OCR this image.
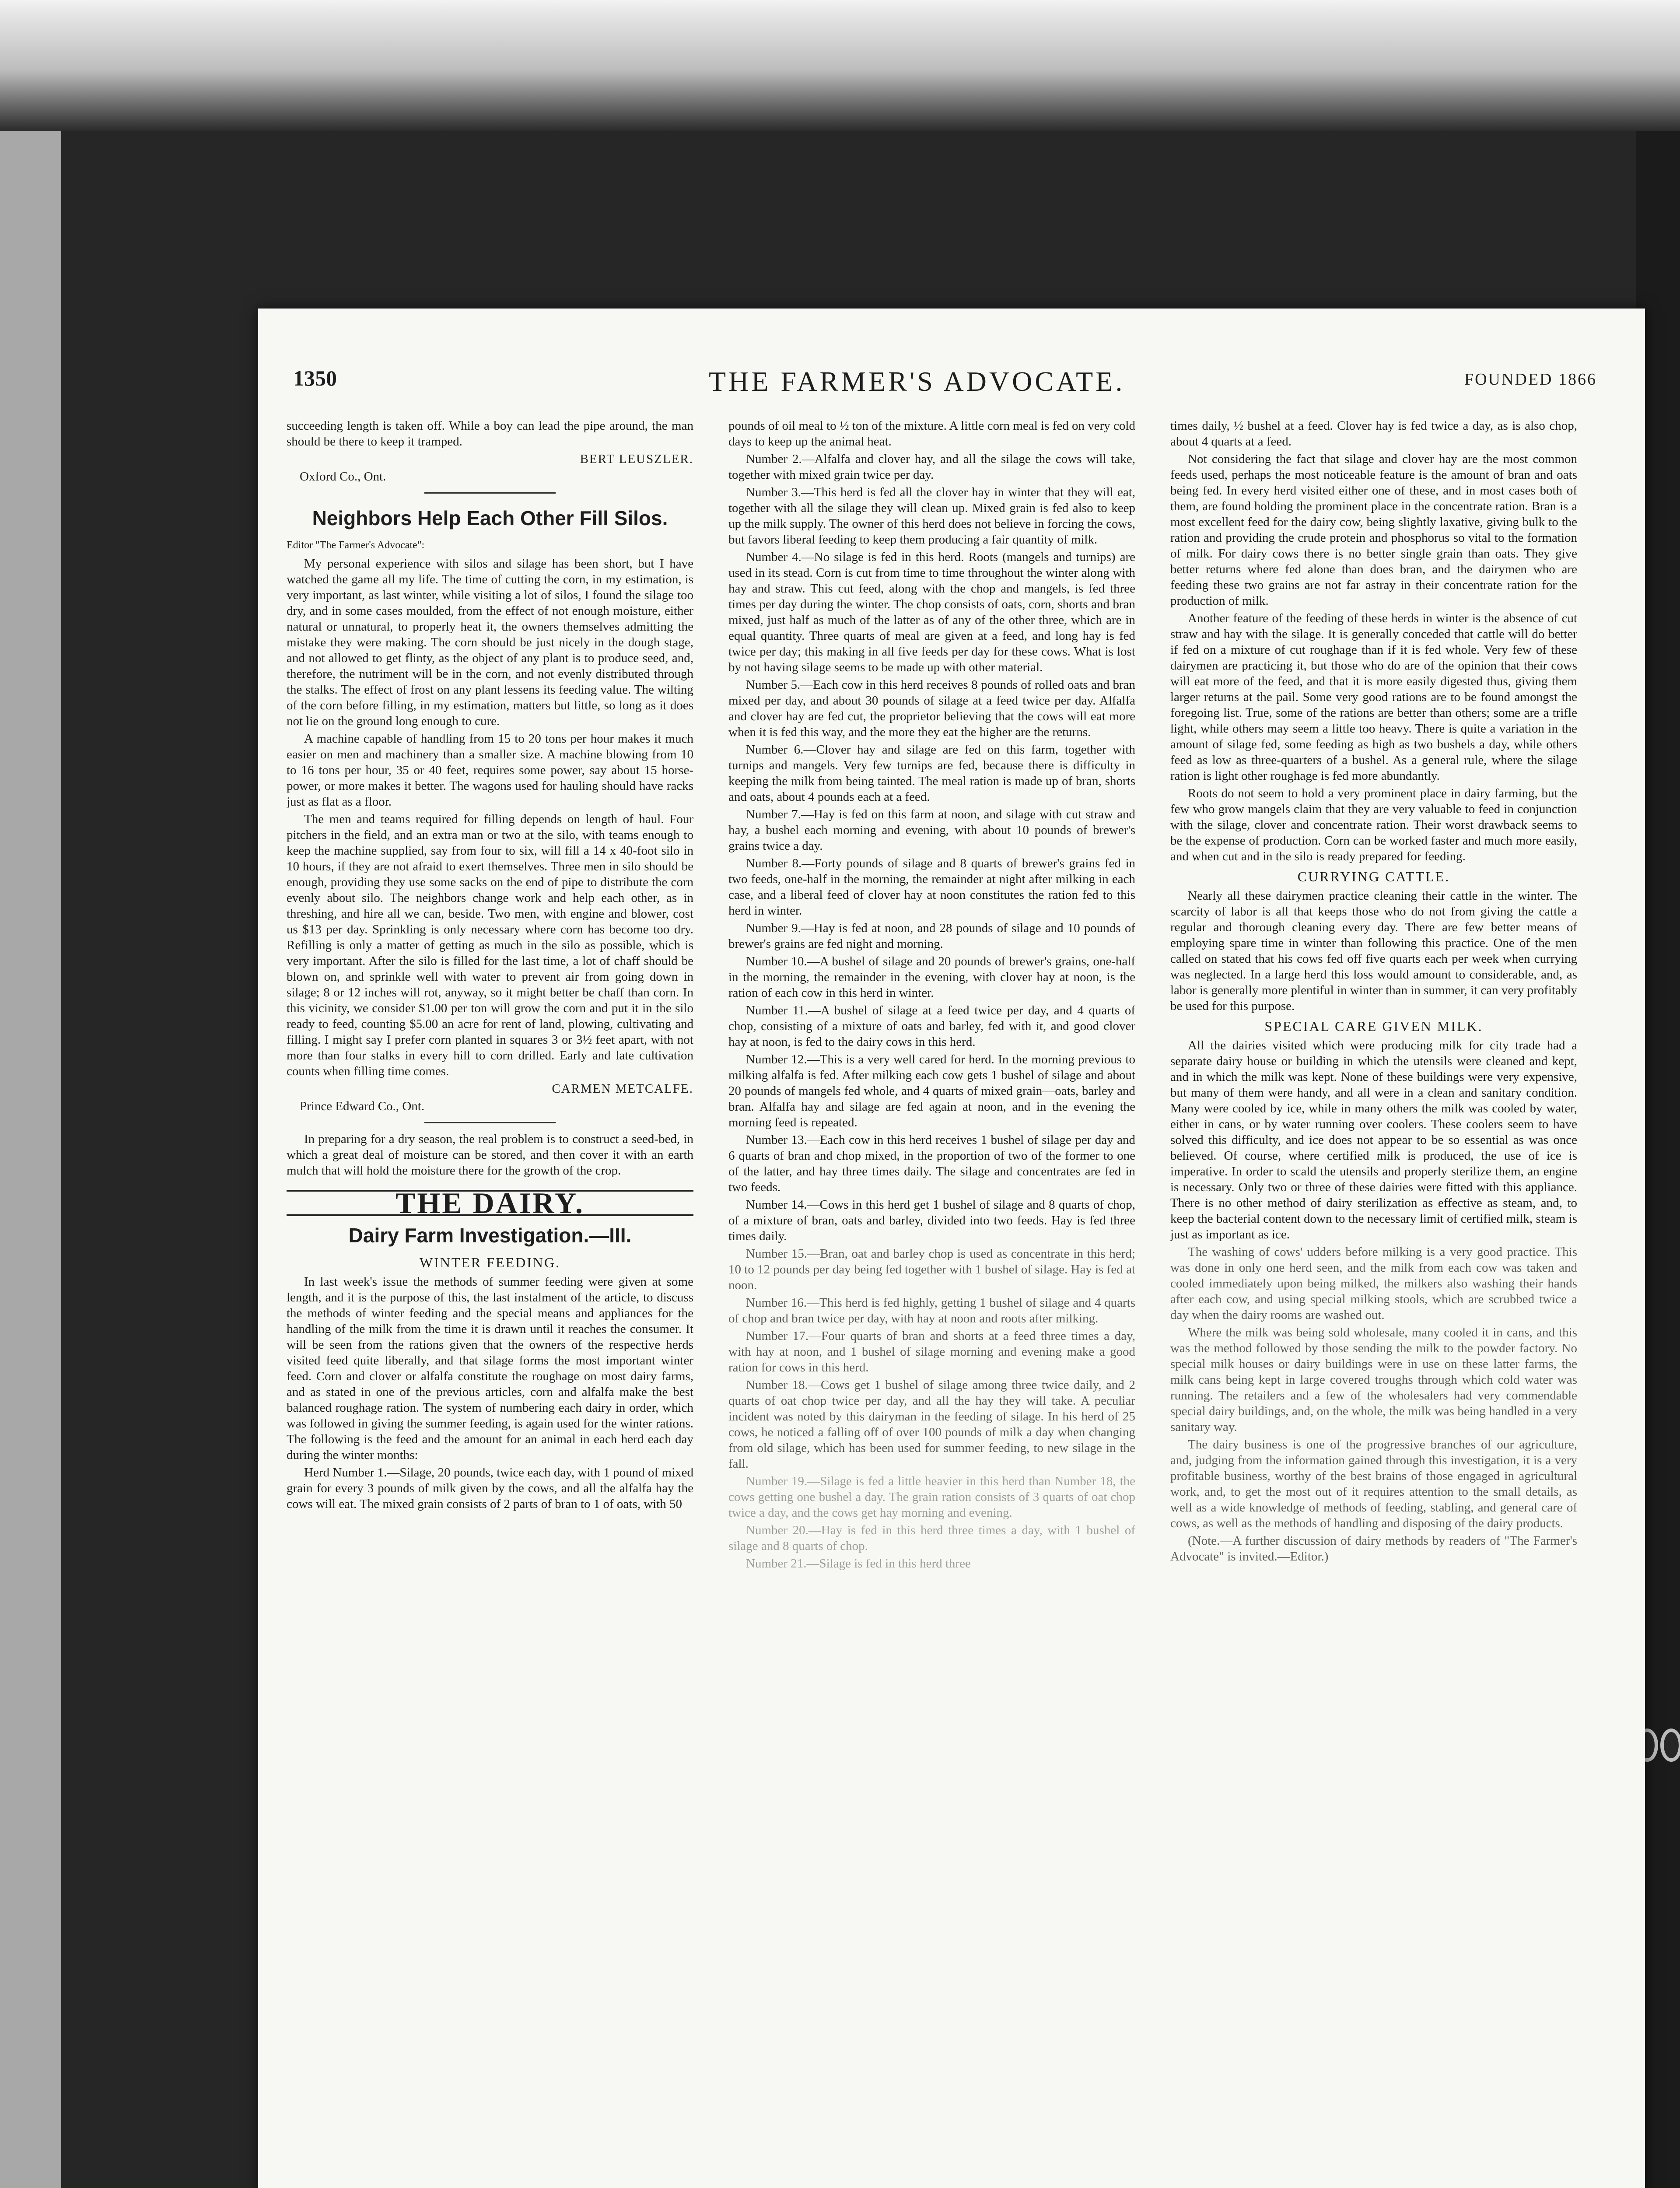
1350	THE FARMER'S ADVOCATE.	FOUNDED 1866

succeeding length is taken off. While a boy can lead the pipe around, the man should be there to keep it tramped.

BERT LEUSZLER.

Oxford Co., Ont.

Neighbors Help Each Other Fill Silos.
Editor "The Farmer's Advocate":

My personal experience with silos and silage has been short, but I have watched the game all my life. The time of cutting the corn, in my estimation, is very important, as last winter, while visiting a lot of silos, I found the silage too dry, and in some cases moulded, from the effect of not enough moisture, either natural or unnatural, to properly heat it, the owners themselves admitting the mistake they were making. The corn should be just nicely in the dough stage, and not allowed to get flinty, as the object of any plant is to produce seed, and, therefore, the nutriment will be in the corn, and not evenly distributed through the stalks. The effect of frost on any plant lessens its feeding value. The wilting of the corn before filling, in my estimation, matters but little, so long as it does not lie on the ground long enough to cure.

A machine capable of handling from 15 to 20 tons per hour makes it much easier on men and machinery than a smaller size. A machine blowing from 10 to 16 tons per hour, 35 or 40 feet, requires some power, say about 15 horse-power, or more makes it better. The wagons used for hauling should have racks just as flat as a floor.

The men and teams required for filling depends on length of haul. Four pitchers in the field, and an extra man or two at the silo, with teams enough to keep the machine supplied, say from four to six, will fill a 14 x 40-foot silo in 10 hours, if they are not afraid to exert themselves. Three men in silo should be enough, providing they use some sacks on the end of pipe to distribute the corn evenly about silo. The neighbors change work and help each other, as in threshing, and hire all we can, beside. Two men, with engine and blower, cost us $13 per day. Sprinkling is only necessary where corn has become too dry. Refilling is only a matter of getting as much in the silo as possible, which is very important. After the silo is filled for the last time, a lot of chaff should be blown on, and sprinkle well with water to prevent air from going down in silage; 8 or 12 inches will rot, anyway, so it might better be chaff than corn. In this vicinity, we consider $1.00 per ton will grow the corn and put it in the silo ready to feed, counting $5.00 an acre for rent of land, plowing, cultivating and filling. I might say I prefer corn planted in squares 3 or 3½ feet apart, with not more than four stalks in every hill to corn drilled. Early and late cultivation counts when filling time comes.

CARMEN METCALFE.

Prince Edward Co., Ont.

In preparing for a dry season, the real problem is to construct a seed-bed, in which a great deal of moisture can be stored, and then cover it with an earth mulch that will hold the moisture there for the growth of the crop.

THE DAIRY.
Dairy Farm Investigation.—III.
WINTER FEEDING.

In last week's issue the methods of summer feeding were given at some length, and it is the purpose of this, the last instalment of the article, to discuss the methods of winter feeding and the special means and appliances for the handling of the milk from the time it is drawn until it reaches the consumer. It will be seen from the rations given that the owners of the respective herds visited feed quite liberally, and that silage forms the most important winter feed. Corn and clover or alfalfa constitute the roughage on most dairy farms, and as stated in one of the previous articles, corn and alfalfa make the best balanced roughage ration. The system of numbering each dairy in order, which was followed in giving the summer feeding, is again used for the winter rations. The following is the feed and the amount for an animal in each herd each day during the winter months:

Herd Number 1.—Silage, 20 pounds, twice each day, with 1 pound of mixed grain for every 3 pounds of milk given by the cows, and all the alfalfa hay the cows will eat. The mixed grain consists of 2 parts of bran to 1 of oats, with 50

pounds of oil meal to ½ ton of the mixture. A little corn meal is fed on very cold days to keep up the animal heat.

Number 2.—Alfalfa and clover hay, and all the silage the cows will take, together with mixed grain twice per day.

Number 3.—This herd is fed all the clover hay in winter that they will eat, together with all the silage they will clean up. Mixed grain is fed also to keep up the milk supply. The owner of this herd does not believe in forcing the cows, but favors liberal feeding to keep them producing a fair quantity of milk.

Number 4.—No silage is fed in this herd. Roots (mangels and turnips) are used in its stead. Corn is cut from time to time throughout the winter along with hay and straw. This cut feed, along with the chop and mangels, is fed three times per day during the winter. The chop consists of oats, corn, shorts and bran mixed, just half as much of the latter as of any of the other three, which are in equal quantity. Three quarts of meal are given at a feed, and long hay is fed twice per day; this making in all five feeds per day for these cows. What is lost by not having silage seems to be made up with other material.

Number 5.—Each cow in this herd receives 8 pounds of rolled oats and bran mixed per day, and about 30 pounds of silage at a feed twice per day. Alfalfa and clover hay are fed cut, the proprietor believing that the cows will eat more when it is fed this way, and the more they eat the higher are the returns.

Number 6.—Clover hay and silage are fed on this farm, together with turnips and mangels. Very few turnips are fed, because there is difficulty in keeping the milk from being tainted. The meal ration is made up of bran, shorts and oats, about 4 pounds each at a feed.

Number 7.—Hay is fed on this farm at noon, and silage with cut straw and hay, a bushel each morning and evening, with about 10 pounds of brewer's grains twice a day.

Number 8.—Forty pounds of silage and 8 quarts of brewer's grains fed in two feeds, one-half in the morning, the remainder at night after milking in each case, and a liberal feed of clover hay at noon constitutes the ration fed to this herd in winter.

Number 9.—Hay is fed at noon, and 28 pounds of silage and 10 pounds of brewer's grains are fed night and morning.

Number 10.—A bushel of silage and 20 pounds of brewer's grains, one-half in the morning, the remainder in the evening, with clover hay at noon, is the ration of each cow in this herd in winter.

Number 11.—A bushel of silage at a feed twice per day, and 4 quarts of chop, consisting of a mixture of oats and barley, fed with it, and good clover hay at noon, is fed to the dairy cows in this herd.

Number 12.—This is a very well cared for herd. In the morning previous to milking alfalfa is fed. After milking each cow gets 1 bushel of silage and about 20 pounds of mangels fed whole, and 4 quarts of mixed grain—oats, barley and bran. Alfalfa hay and silage are fed again at noon, and in the evening the morning feed is repeated.

Number 13.—Each cow in this herd receives 1 bushel of silage per day and 6 quarts of bran and chop mixed, in the proportion of two of the former to one of the latter, and hay three times daily. The silage and concentrates are fed in two feeds.

Number 14.—Cows in this herd get 1 bushel of silage and 8 quarts of chop, of a mixture of bran, oats and barley, divided into two feeds. Hay is fed three times daily.

Number 15.—Bran, oat and barley chop is used as concentrate in this herd; 10 to 12 pounds per day being fed together with 1 bushel of silage. Hay is fed at noon.

Number 16.—This herd is fed highly, getting 1 bushel of silage and 4 quarts of chop and bran twice per day, with hay at noon and roots after milking.

Number 17.—Four quarts of bran and shorts at a feed three times a day, with hay at noon, and 1 bushel of silage morning and evening make a good ration for cows in this herd.

Number 18.—Cows get 1 bushel of silage among three twice daily, and 2 quarts of oat chop twice per day, and all the hay they will take. A peculiar incident was noted by this dairyman in the feeding of silage. In his herd of 25 cows, he noticed a falling off of over 100 pounds of milk a day when changing from old silage, which has been used for summer feeding, to new silage in the fall.

Number 19.—Silage is fed a little heavier in this herd than Number 18, the cows getting one bushel a day. The grain ration consists of 3 quarts of oat chop twice a day, and the cows get hay morning and evening.

Number 20.—Hay is fed in this herd three times a day, with 1 bushel of silage and 8 quarts of chop.

Number 21.—Silage is fed in this herd three

times daily, ½ bushel at a feed. Clover hay is fed twice a day, as is also chop, about 4 quarts at a feed.

Not considering the fact that silage and clover hay are the most common feeds used, perhaps the most noticeable feature is the amount of bran and oats being fed. In every herd visited either one of these, and in most cases both of them, are found holding the prominent place in the concentrate ration. Bran is a most excellent feed for the dairy cow, being slightly laxative, giving bulk to the ration and providing the crude protein and phosphorus so vital to the formation of milk. For dairy cows there is no better single grain than oats. They give better returns where fed alone than does bran, and the dairymen who are feeding these two grains are not far astray in their concentrate ration for the production of milk.

Another feature of the feeding of these herds in winter is the absence of cut straw and hay with the silage. It is generally conceded that cattle will do better if fed on a mixture of cut roughage than if it is fed whole. Very few of these dairymen are practicing it, but those who do are of the opinion that their cows will eat more of the feed, and that it is more easily digested thus, giving them larger returns at the pail. Some very good rations are to be found amongst the foregoing list. True, some of the rations are better than others; some are a trifle light, while others may seem a little too heavy. There is quite a variation in the amount of silage fed, some feeding as high as two bushels a day, while others feed as low as three-quarters of a bushel. As a general rule, where the silage ration is light other roughage is fed more abundantly.

Roots do not seem to hold a very prominent place in dairy farming, but the few who grow mangels claim that they are very valuable to feed in conjunction with the silage, clover and concentrate ration. Their worst drawback seems to be the expense of production. Corn can be worked faster and much more easily, and when cut and in the silo is ready prepared for feeding.

CURRYING CATTLE.

Nearly all these dairymen practice cleaning their cattle in the winter. The scarcity of labor is all that keeps those who do not from giving the cattle a regular and thorough cleaning every day. There are few better means of employing spare time in winter than following this practice. One of the men called on stated that his cows fed off five quarts each per week when currying was neglected. In a large herd this loss would amount to considerable, and, as labor is generally more plentiful in winter than in summer, it can very profitably be used for this purpose.

SPECIAL CARE GIVEN MILK.

All the dairies visited which were producing milk for city trade had a separate dairy house or building in which the utensils were cleaned and kept, and in which the milk was kept. None of these buildings were very expensive, but many of them were handy, and all were in a clean and sanitary condition. Many were cooled by ice, while in many others the milk was cooled by water, either in cans, or by water running over coolers. These coolers seem to have solved this difficulty, and ice does not appear to be so essential as was once believed. Of course, where certified milk is produced, the use of ice is imperative. In order to scald the utensils and properly sterilize them, an engine is necessary. Only two or three of these dairies were fitted with this appliance. There is no other method of dairy sterilization as effective as steam, and, to keep the bacterial content down to the necessary limit of certified milk, steam is just as important as ice.

The washing of cows' udders before milking is a very good practice. This was done in only one herd seen, and the milk from each cow was taken and cooled immediately upon being milked, the milkers also washing their hands after each cow, and using special milking stools, which are scrubbed twice a day when the dairy rooms are washed out.

Where the milk was being sold wholesale, many cooled it in cans, and this was the method followed by those sending the milk to the powder factory. No special milk houses or dairy buildings were in use on these latter farms, the milk cans being kept in large covered troughs through which cold water was running. The retailers and a few of the wholesalers had very commendable special dairy buildings, and, on the whole, the milk was being handled in a very sanitary way.

The dairy business is one of the progressive branches of our agriculture, and, judging from the information gained through this investigation, it is a very profitable business, worthy of the best brains of those engaged in agricultural work, and, to get the most out of it requires attention to the small details, as well as a wide knowledge of methods of feeding, stabling, and general care of cows, as well as the methods of handling and disposing of the dairy products.

(Note.—A further discussion of dairy methods by readers of "The Farmer's Advocate" is invited.—Editor.)
